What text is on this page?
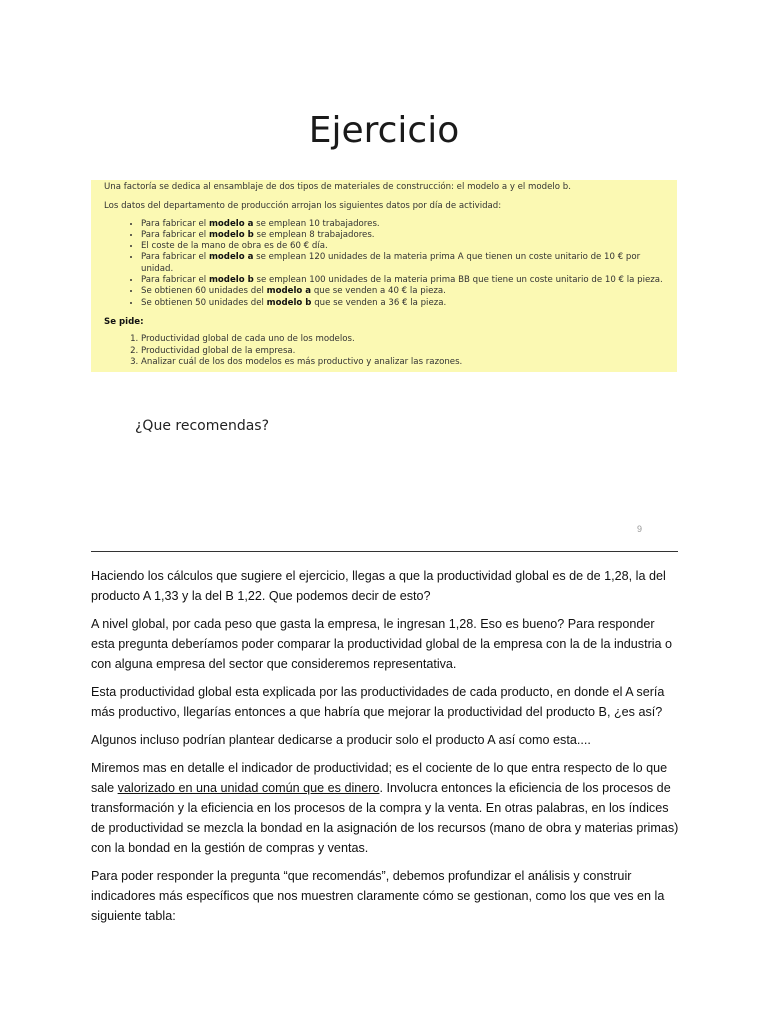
Ejercicio

Una factoría se dedica al ensamblaje de dos tipos de materiales de construcción: el modelo a y el modelo b.

Los datos del departamento de producción arrojan los siguientes datos por día de actividad:

• Para fabricar el modelo a se emplean 10 trabajadores.
• Para fabricar el modelo b se emplean 8 trabajadores.
• El coste de la mano de obra es de 60 € día.
• Para fabricar el modelo a se emplean 120 unidades de la materia prima A que tienen un coste unitario de 10 € por unidad.
• Para fabricar el modelo b se emplean 100 unidades de la materia prima BB que tiene un coste unitario de 10 € la pieza.
• Se obtienen 60 unidades del modelo a que se venden a 40 € la pieza.
• Se obtienen 50 unidades del modelo b que se venden a 36 € la pieza.

Se pide:

1. Productividad global de cada uno de los modelos.
2. Productividad global de la empresa.
3. Analizar cuál de los dos modelos es más productivo y analizar las razones.
¿Que recomendas?
9

Haciendo los cálculos que sugiere el ejercicio, llegas a que la productividad global es de de 1,28, la del producto A 1,33 y la del B 1,22. Que podemos decir de esto?

A nivel global, por cada peso que gasta la empresa, le ingresan 1,28. Eso es bueno? Para responder esta pregunta deberíamos poder comparar la productividad global de la empresa con la de la industria o con alguna empresa del sector que consideremos representativa.

Esta productividad global esta explicada por las productividades de cada producto, en donde el A sería más productivo, llegarías entonces a que habría que mejorar la productividad del producto B, ¿es así?

Algunos incluso podrían plantear dedicarse a producir solo el producto A así como esta....

Miremos mas en detalle el indicador de productividad; es el cociente de lo que entra respecto de lo que sale valorizado en una unidad común que es dinero. Involucra entonces la eficiencia de los procesos de transformación y la eficiencia en los procesos de la compra y la venta. En otras palabras, en los índices de productividad se mezcla la bondad en la asignación de los recursos (mano de obra y materias primas) con la bondad en la gestión de compras y ventas.

Para poder responder la pregunta “que recomendás”, debemos profundizar el análisis y construir indicadores más específicos que nos muestren claramente cómo se gestionan, como los que ves en la siguiente tabla:
